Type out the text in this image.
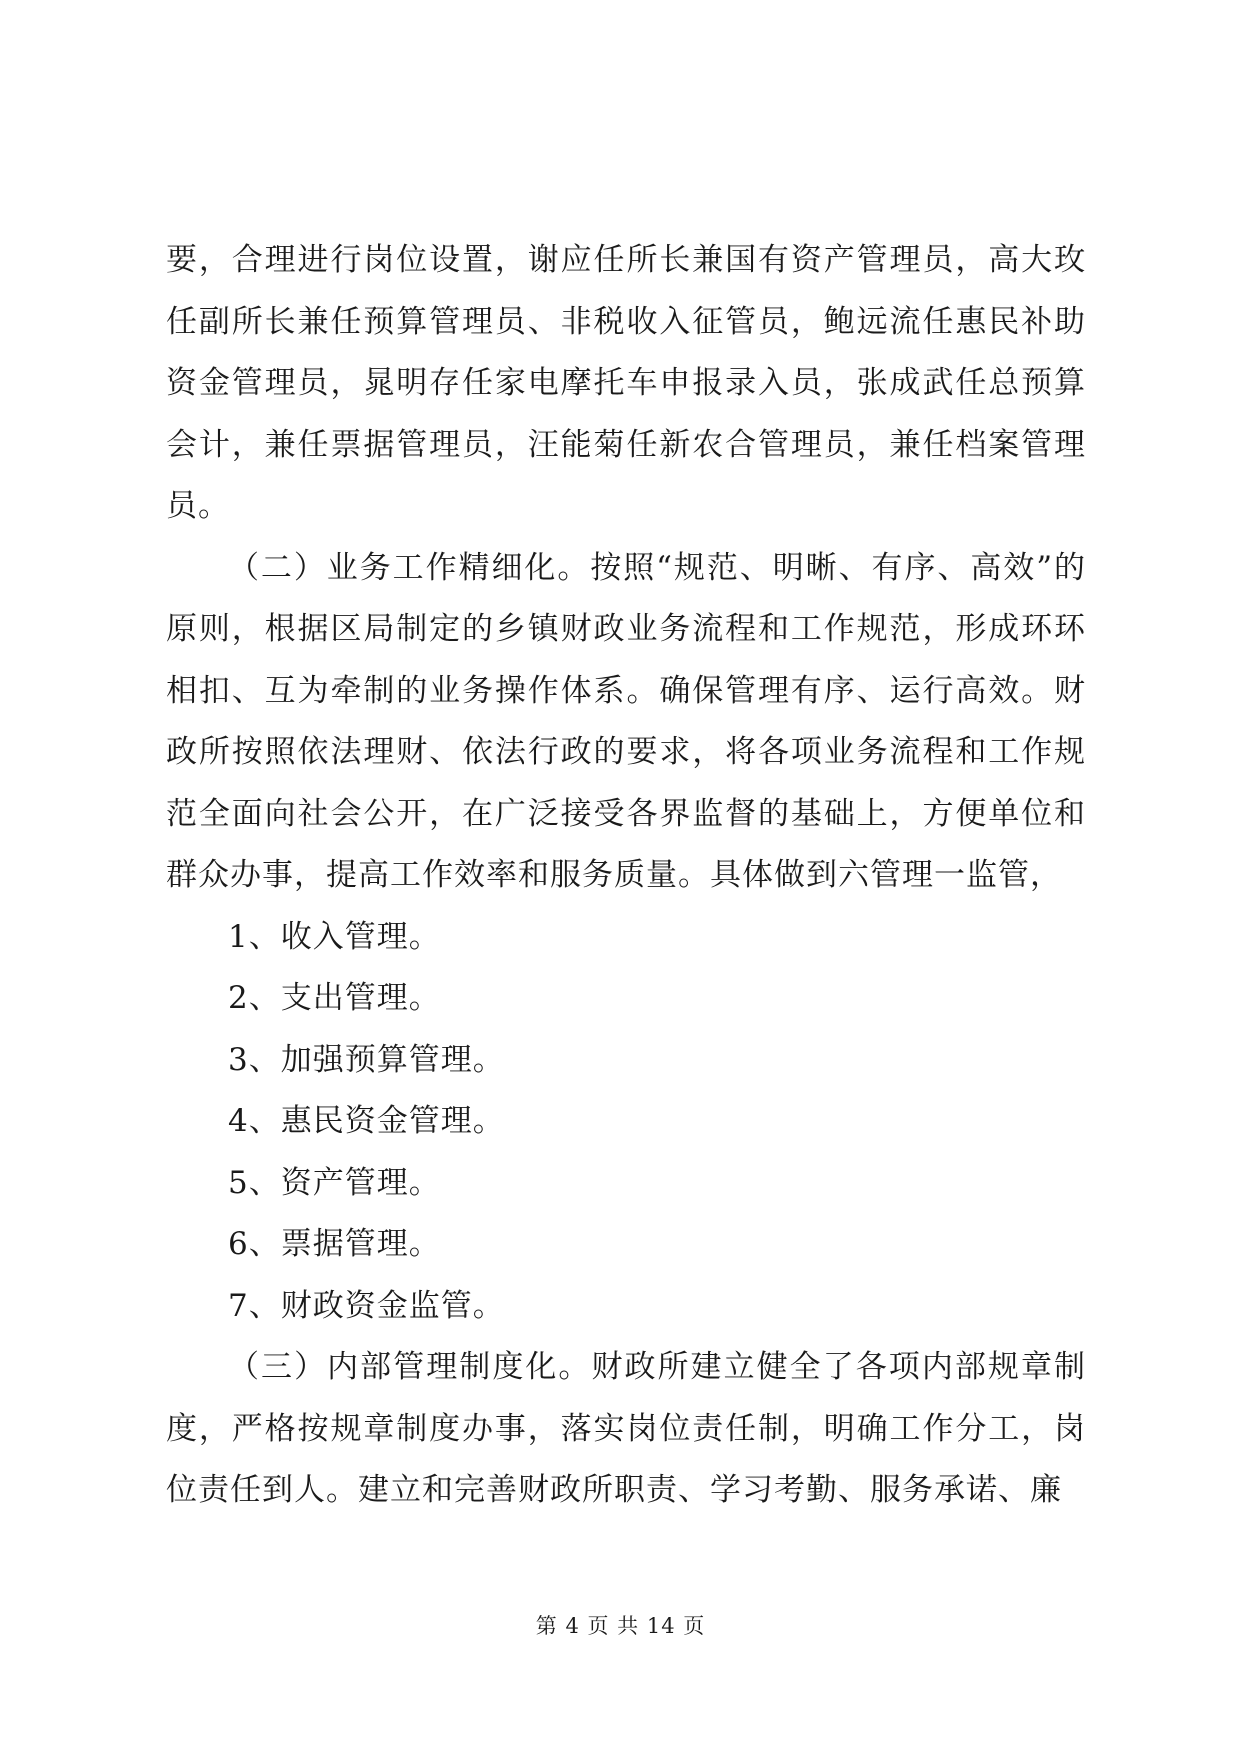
要，合理进行岗位设置，谢应任所长兼国有资产管理员，高大玫任副所长兼任预算管理员、非税收入征管员，鲍远流任惠民补助资金管理员，晁明存任家电摩托车申报录入员，张成武任总预算会计，兼任票据管理员，汪能菊任新农合管理员，兼任档案管理员。

（二）业务工作精细化。按照“规范、明晰、有序、高效”的原则，根据区局制定的乡镇财政业务流程和工作规范，形成环环相扣、互为牵制的业务操作体系。确保管理有序、运行高效。财政所按照依法理财、依法行政的要求，将各项业务流程和工作规范全面向社会公开，在广泛接受各界监督的基础上，方便单位和群众办事，提高工作效率和服务质量。具体做到六管理一监管，

1、收入管理。

2、支出管理。

3、加强预算管理。

4、惠民资金管理。

5、资产管理。

6、票据管理。

7、财政资金监管。

（三）内部管理制度化。财政所建立健全了各项内部规章制度，严格按规章制度办事，落实岗位责任制，明确工作分工，岗位责任到人。建立和完善财政所职责、学习考勤、服务承诺、廉

第 4 页 共 14 页
